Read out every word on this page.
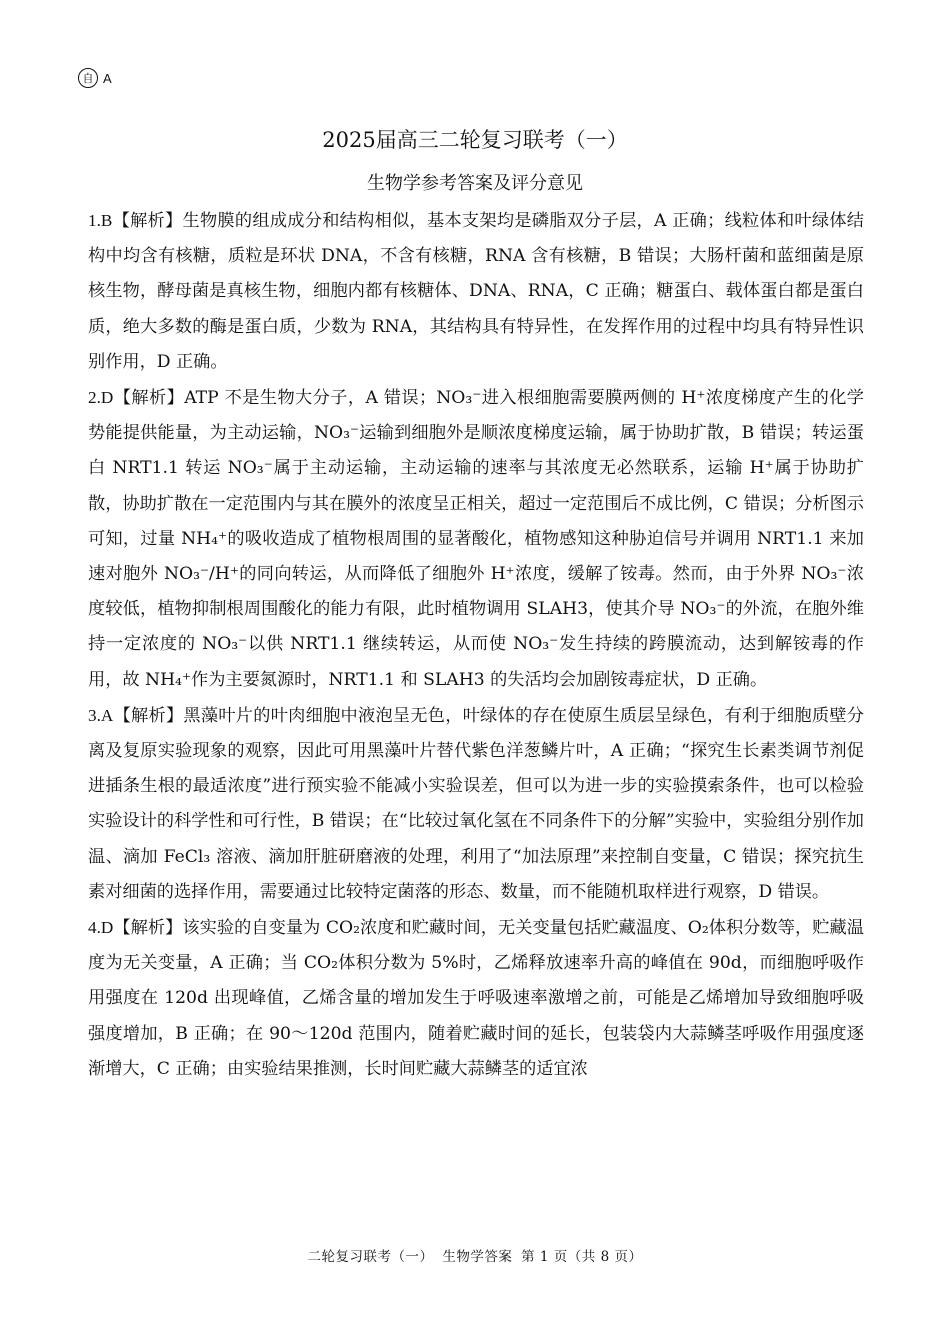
自 A
2025届高三二轮复习联考（一）
生物学参考答案及评分意见

1.B【解析】生物膜的组成成分和结构相似，基本支架均是磷脂双分子层，A 正确；线粒体和叶绿体结构中均含有核糖，质粒是环状 DNA，不含有核糖，RNA 含有核糖，B 错误；大肠杆菌和蓝细菌是原核生物，酵母菌是真核生物，细胞内都有核糖体、DNA、RNA，C 正确；糖蛋白、载体蛋白都是蛋白质，绝大多数的酶是蛋白质，少数为 RNA，其结构具有特异性，在发挥作用的过程中均具有特异性识别作用，D 正确。

2.D【解析】ATP 不是生物大分子，A 错误；NO₃⁻进入根细胞需要膜两侧的 H⁺浓度梯度产生的化学势能提供能量，为主动运输，NO₃⁻运输到细胞外是顺浓度梯度运输，属于协助扩散，B 错误；转运蛋白 NRT1.1 转运 NO₃⁻属于主动运输，主动运输的速率与其浓度无必然联系，运输 H⁺属于协助扩散，协助扩散在一定范围内与其在膜外的浓度呈正相关，超过一定范围后不成比例，C 错误；分析图示可知，过量 NH₄⁺的吸收造成了植物根周围的显著酸化，植物感知这种胁迫信号并调用 NRT1.1 来加速对胞外 NO₃⁻/H⁺的同向转运，从而降低了细胞外 H⁺浓度，缓解了铵毒。然而，由于外界 NO₃⁻浓度较低，植物抑制根周围酸化的能力有限，此时植物调用 SLAH3，使其介导 NO₃⁻的外流，在胞外维持一定浓度的 NO₃⁻以供 NRT1.1 继续转运，从而使 NO₃⁻发生持续的跨膜流动，达到解铵毒的作用，故 NH₄⁺作为主要氮源时，NRT1.1 和 SLAH3 的失活均会加剧铵毒症状，D 正确。

3.A【解析】黑藻叶片的叶肉细胞中液泡呈无色，叶绿体的存在使原生质层呈绿色，有利于细胞质壁分离及复原实验现象的观察，因此可用黑藻叶片替代紫色洋葱鳞片叶，A 正确；“探究生长素类调节剂促进插条生根的最适浓度”进行预实验不能减小实验误差，但可以为进一步的实验摸索条件，也可以检验实验设计的科学性和可行性，B 错误；在“比较过氧化氢在不同条件下的分解”实验中，实验组分别作加温、滴加 FeCl₃ 溶液、滴加肝脏研磨液的处理，利用了“加法原理”来控制自变量，C 错误；探究抗生素对细菌的选择作用，需要通过比较特定菌落的形态、数量，而不能随机取样进行观察，D 错误。

4.D【解析】该实验的自变量为 CO₂浓度和贮藏时间，无关变量包括贮藏温度、O₂体积分数等，贮藏温度为无关变量，A 正确；当 CO₂体积分数为 5%时，乙烯释放速率升高的峰值在 90d，而细胞呼吸作用强度在 120d 出现峰值，乙烯含量的增加发生于呼吸速率激增之前，可能是乙烯增加导致细胞呼吸强度增加，B 正确；在 90～120d 范围内，随着贮藏时间的延长，包装袋内大蒜鳞茎呼吸作用强度逐渐增大，C 正确；由实验结果推测，长时间贮藏大蒜鳞茎的适宜浓

二轮复习联考（一） 生物学答案 第 1 页（共 8 页）
